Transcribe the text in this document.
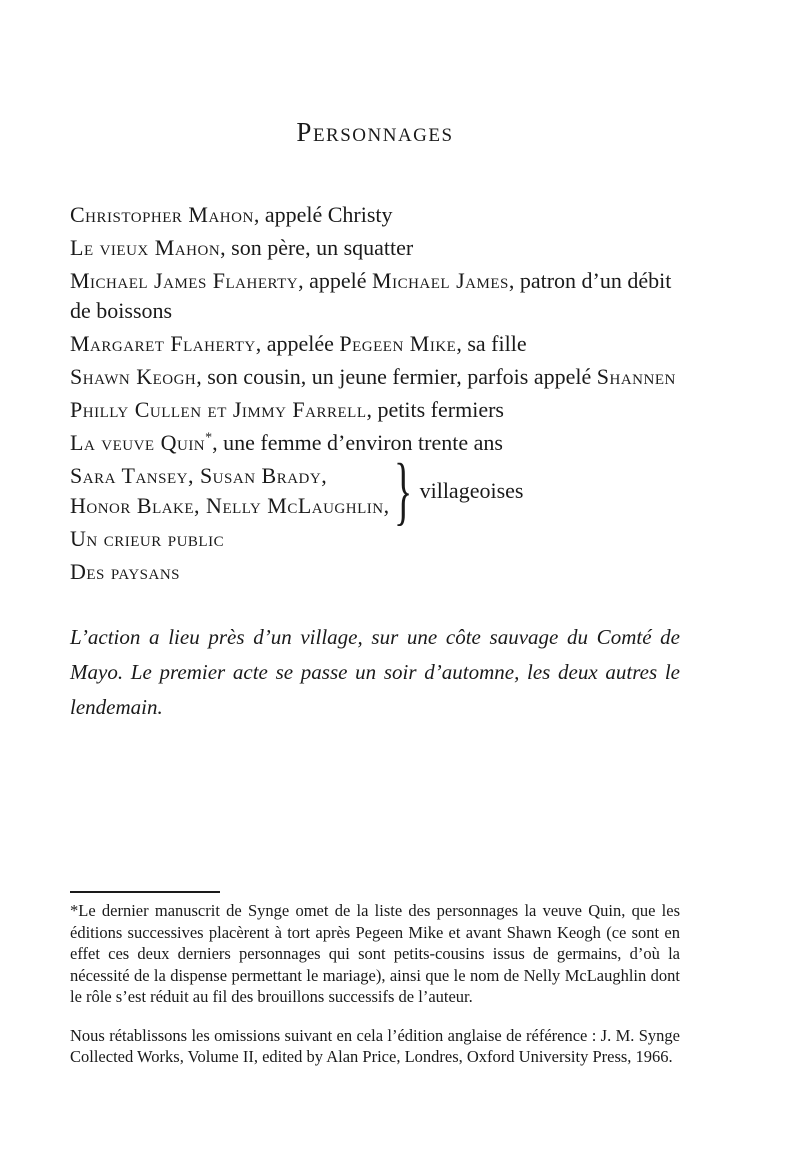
Personnages

Christopher Mahon, appelé Christy

Le vieux Mahon, son père, un squatter

Michael James Flaherty, appelé Michael James, patron d’un débit de boissons

Margaret Flaherty, appelée Pegeen Mike, sa fille

Shawn Keogh, son cousin, un jeune fermier, parfois appelé Shannen

Philly Cullen et Jimmy Farrell, petits fermiers

La veuve Quin*, une femme d’environ trente ans

Sara Tansey, Susan Brady,
Honor Blake, Nelly McLaughlin, } villageoises

Un crieur public

Des paysans

L’action a lieu près d’un village, sur une côte sauvage du Comté de Mayo. Le premier acte se passe un soir d’automne, les deux autres le lendemain.

*Le dernier manuscrit de Synge omet de la liste des personnages la veuve Quin, que les éditions successives placèrent à tort après Pegeen Mike et avant Shawn Keogh (ce sont en effet ces deux derniers personnages qui sont petits-cousins issus de germains, d’où la nécessité de la dispense permettant le mariage), ainsi que le nom de Nelly McLaughlin dont le rôle s’est réduit au fil des brouillons successifs de l’auteur.

Nous rétablissons les omissions suivant en cela l’édition anglaise de référence : J. M. Synge Collected Works, Volume II, edited by Alan Price, Londres, Oxford University Press, 1966.
